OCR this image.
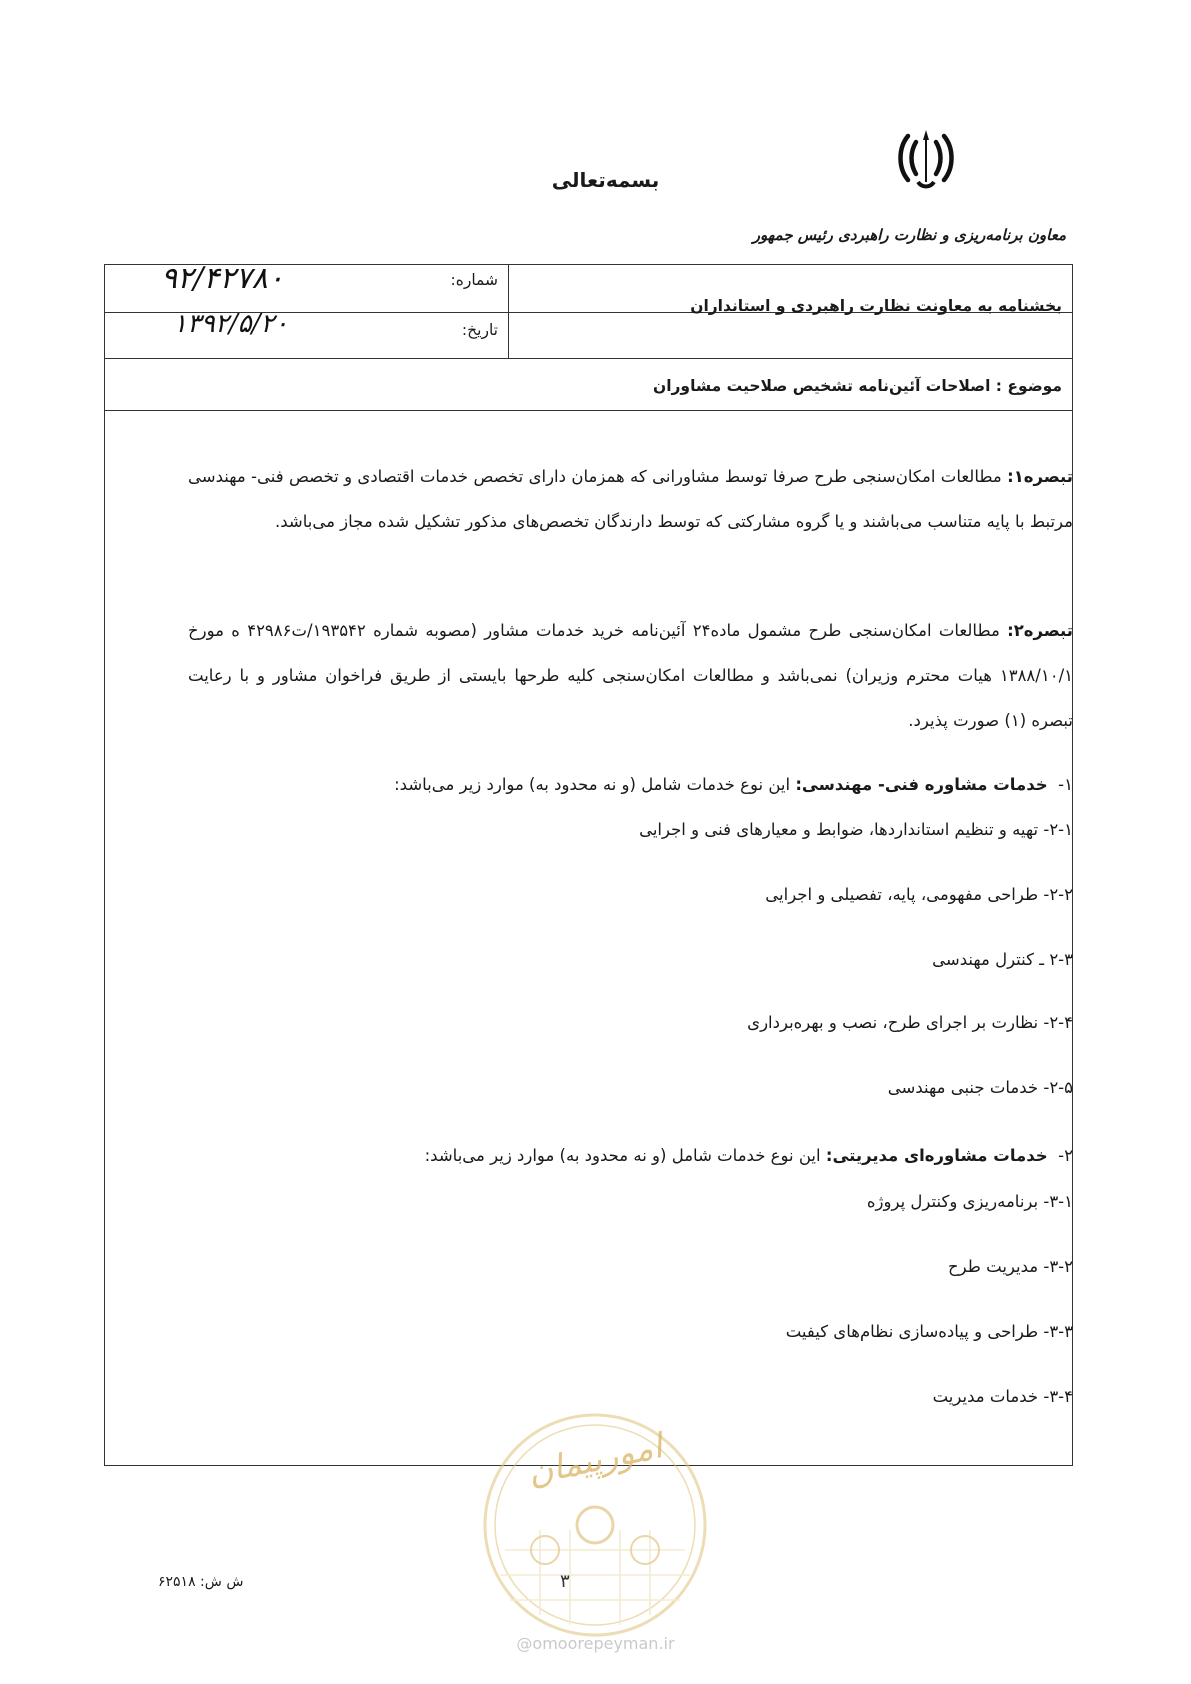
بسمه‌تعالی
معاون برنامه‌ریزی و نظارت راهبردی رئیس جمهور
بخشنامه به معاونت نظارت راهبردی و استانداران
موضوع : اصلاحات آئین‌نامه تشخیص صلاحیت مشاوران
شماره:
۹۲/۴۲۷۸۰
تاریخ:
۱۳۹۲/۵/۲۰

تبصره۱: مطالعات امکان‌سنجی طرح صرفا توسط مشاورانی که همزمان دارای تخصص خدمات اقتصادی و تخصص فنی- مهندسی مرتبط با پایه متناسب می‌باشند و یا گروه مشارکتی که توسط دارندگان تخصص‌های مذکور تشکیل شده مجاز می‌باشد.

تبصره۲: مطالعات امکان‌سنجی طرح مشمول ماده۲۴ آئین‌نامه خرید خدمات مشاور (مصوبه شماره ۱۹۳۵۴۲/ت۴۲۹۸۶ ه مورخ ۱۳۸۸/۱۰/۱ هیات محترم وزیران) نمی‌باشد و مطالعات امکان‌سنجی کلیه طرحها بایستی از طریق فراخوان مشاور و با رعایت تبصره (۱) صورت پذیرد.

۱-  خدمات مشاوره فنی- مهندسی: این نوع خدمات شامل (و نه محدود به) موارد زیر می‌باشد:
۲-۱- تهیه و تنظیم استانداردها، ضوابط و معیارهای فنی و اجرایی
۲-۲- طراحی مفهومی، پایه، تفصیلی و اجرایی
۲-۳ ـ کنترل مهندسی
۲-۴- نظارت بر اجرای طرح، نصب و بهره‌برداری
۲-۵- خدمات جنبی مهندسی
۲-  خدمات مشاوره‌ای مدیریتی: این نوع خدمات شامل (و نه محدود به) موارد زیر می‌باشد:
۳-۱- برنامه‌ریزی وکنترل پروژه
۳-۲- مدیریت طرح
۳-۳- طراحی و پیاده‌سازی نظام‌های کیفیت
۳-۴- خدمات مدیریت
امورپیمان
۳
ش ش: ۶۲۵۱۸
@omoorepeyman.ir
